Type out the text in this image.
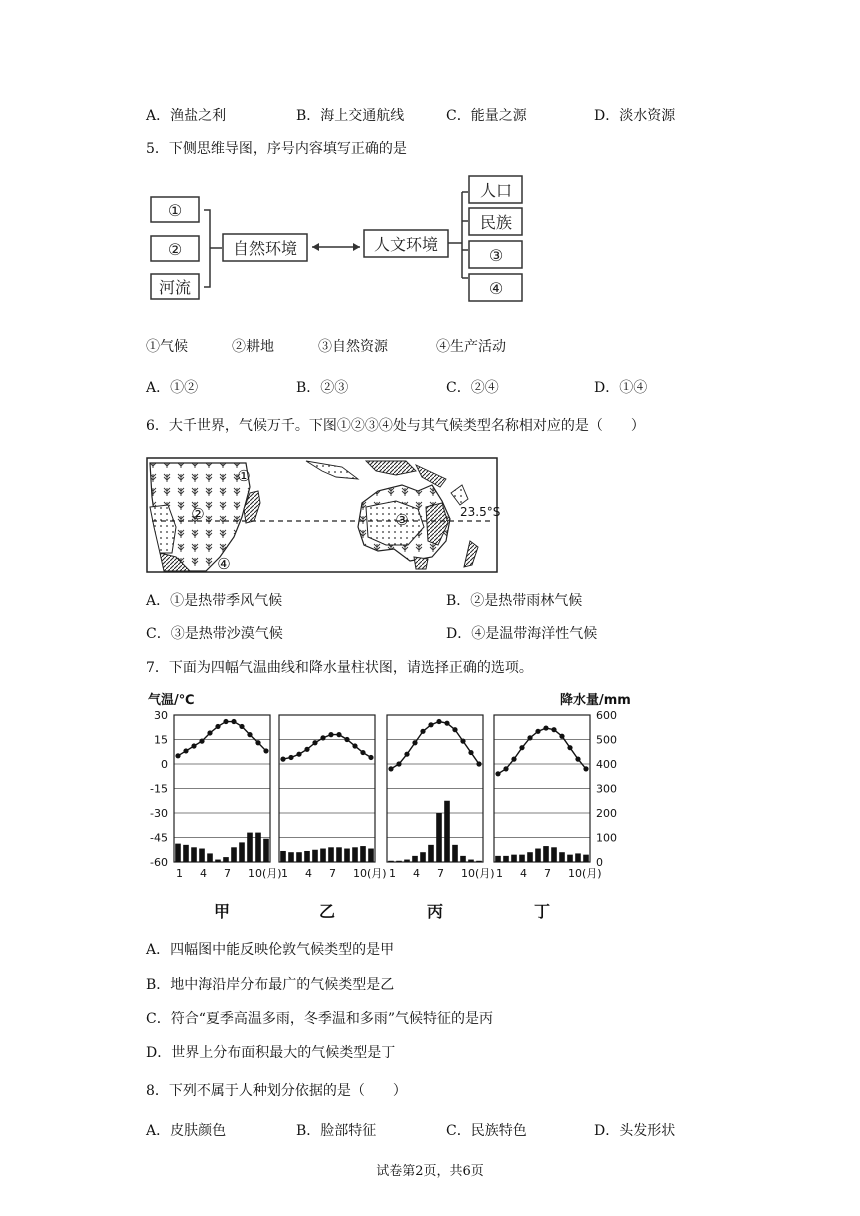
A．渔盐之利	B．海上交通航线	C．能量之源	D．淡水资源
5．下侧思维导图，序号内容填写正确的是
①
②
河流
自然环境	人文环境
人口
民族
③
④
①气候	②耕地	③自然资源	④生产活动
A．①②	B．②③	C．②④	D．①④
6．大千世界，气候万千。下图①②③④处与其气候类型名称相对应的是（　　）
①
②	③
④
23.5°S
A．①是热带季风气候	B．②是热带雨林气候
C．③是热带沙漠气候	D．④是温带海洋性气候
7．下面为四幅气温曲线和降水量柱状图，请选择正确的选项。
气温/℃	降水量/mm
30
15
0
-15
-30
-45
-60
600
500
400
300
200
100
0
1 4 7 10(月)
甲
1 4 7 10(月)
乙
1 4 7 10(月)
丙
1 4 7 10(月)
丁
A．四幅图中能反映伦敦气候类型的是甲
B．地中海沿岸分布最广的气候类型是乙
C．符合“夏季高温多雨，冬季温和多雨”气候特征的是丙
D．世界上分布面积最大的气候类型是丁
8．下列不属于人种划分依据的是（　　）
A．皮肤颜色	B．脸部特征	C．民族特色	D．头发形状
试卷第2页，共6页
